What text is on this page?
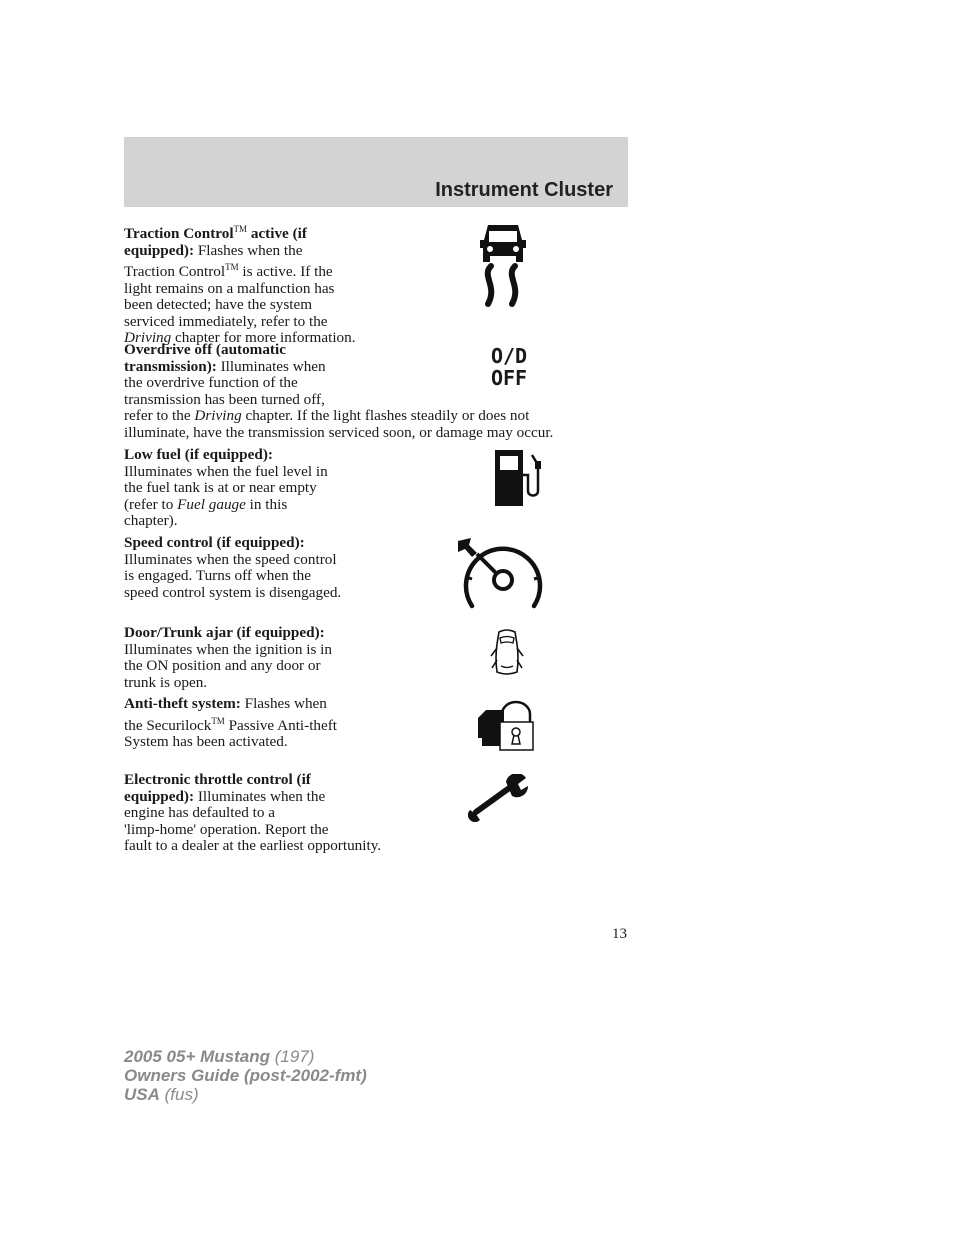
Instrument Cluster
Traction Control™ active (if
equipped): Flashes when the
Traction Control™ is active. If the
light remains on a malfunction has
been detected; have the system
serviced immediately, refer to the
Driving chapter for more information.
Overdrive off (automatic
transmission): Illuminates when
the overdrive function of the
transmission has been turned off,
refer to the Driving chapter. If the light flashes steadily or does not
illuminate, have the transmission serviced soon, or damage may occur.
O/D
OFF
Low fuel (if equipped):
Illuminates when the fuel level in
the fuel tank is at or near empty
(refer to Fuel gauge in this
chapter).
Speed control (if equipped):
Illuminates when the speed control
is engaged. Turns off when the
speed control system is disengaged.
Door/Trunk ajar (if equipped):
Illuminates when the ignition is in
the ON position and any door or
trunk is open.
Anti-theft system: Flashes when
the Securilock™ Passive Anti-theft
System has been activated.
Electronic throttle control (if
equipped): Illuminates when the
engine has defaulted to a
'limp-home' operation. Report the
fault to a dealer at the earliest opportunity.
13
2005 05+ Mustang (197)
Owners Guide (post-2002-fmt)
USA (fus)
